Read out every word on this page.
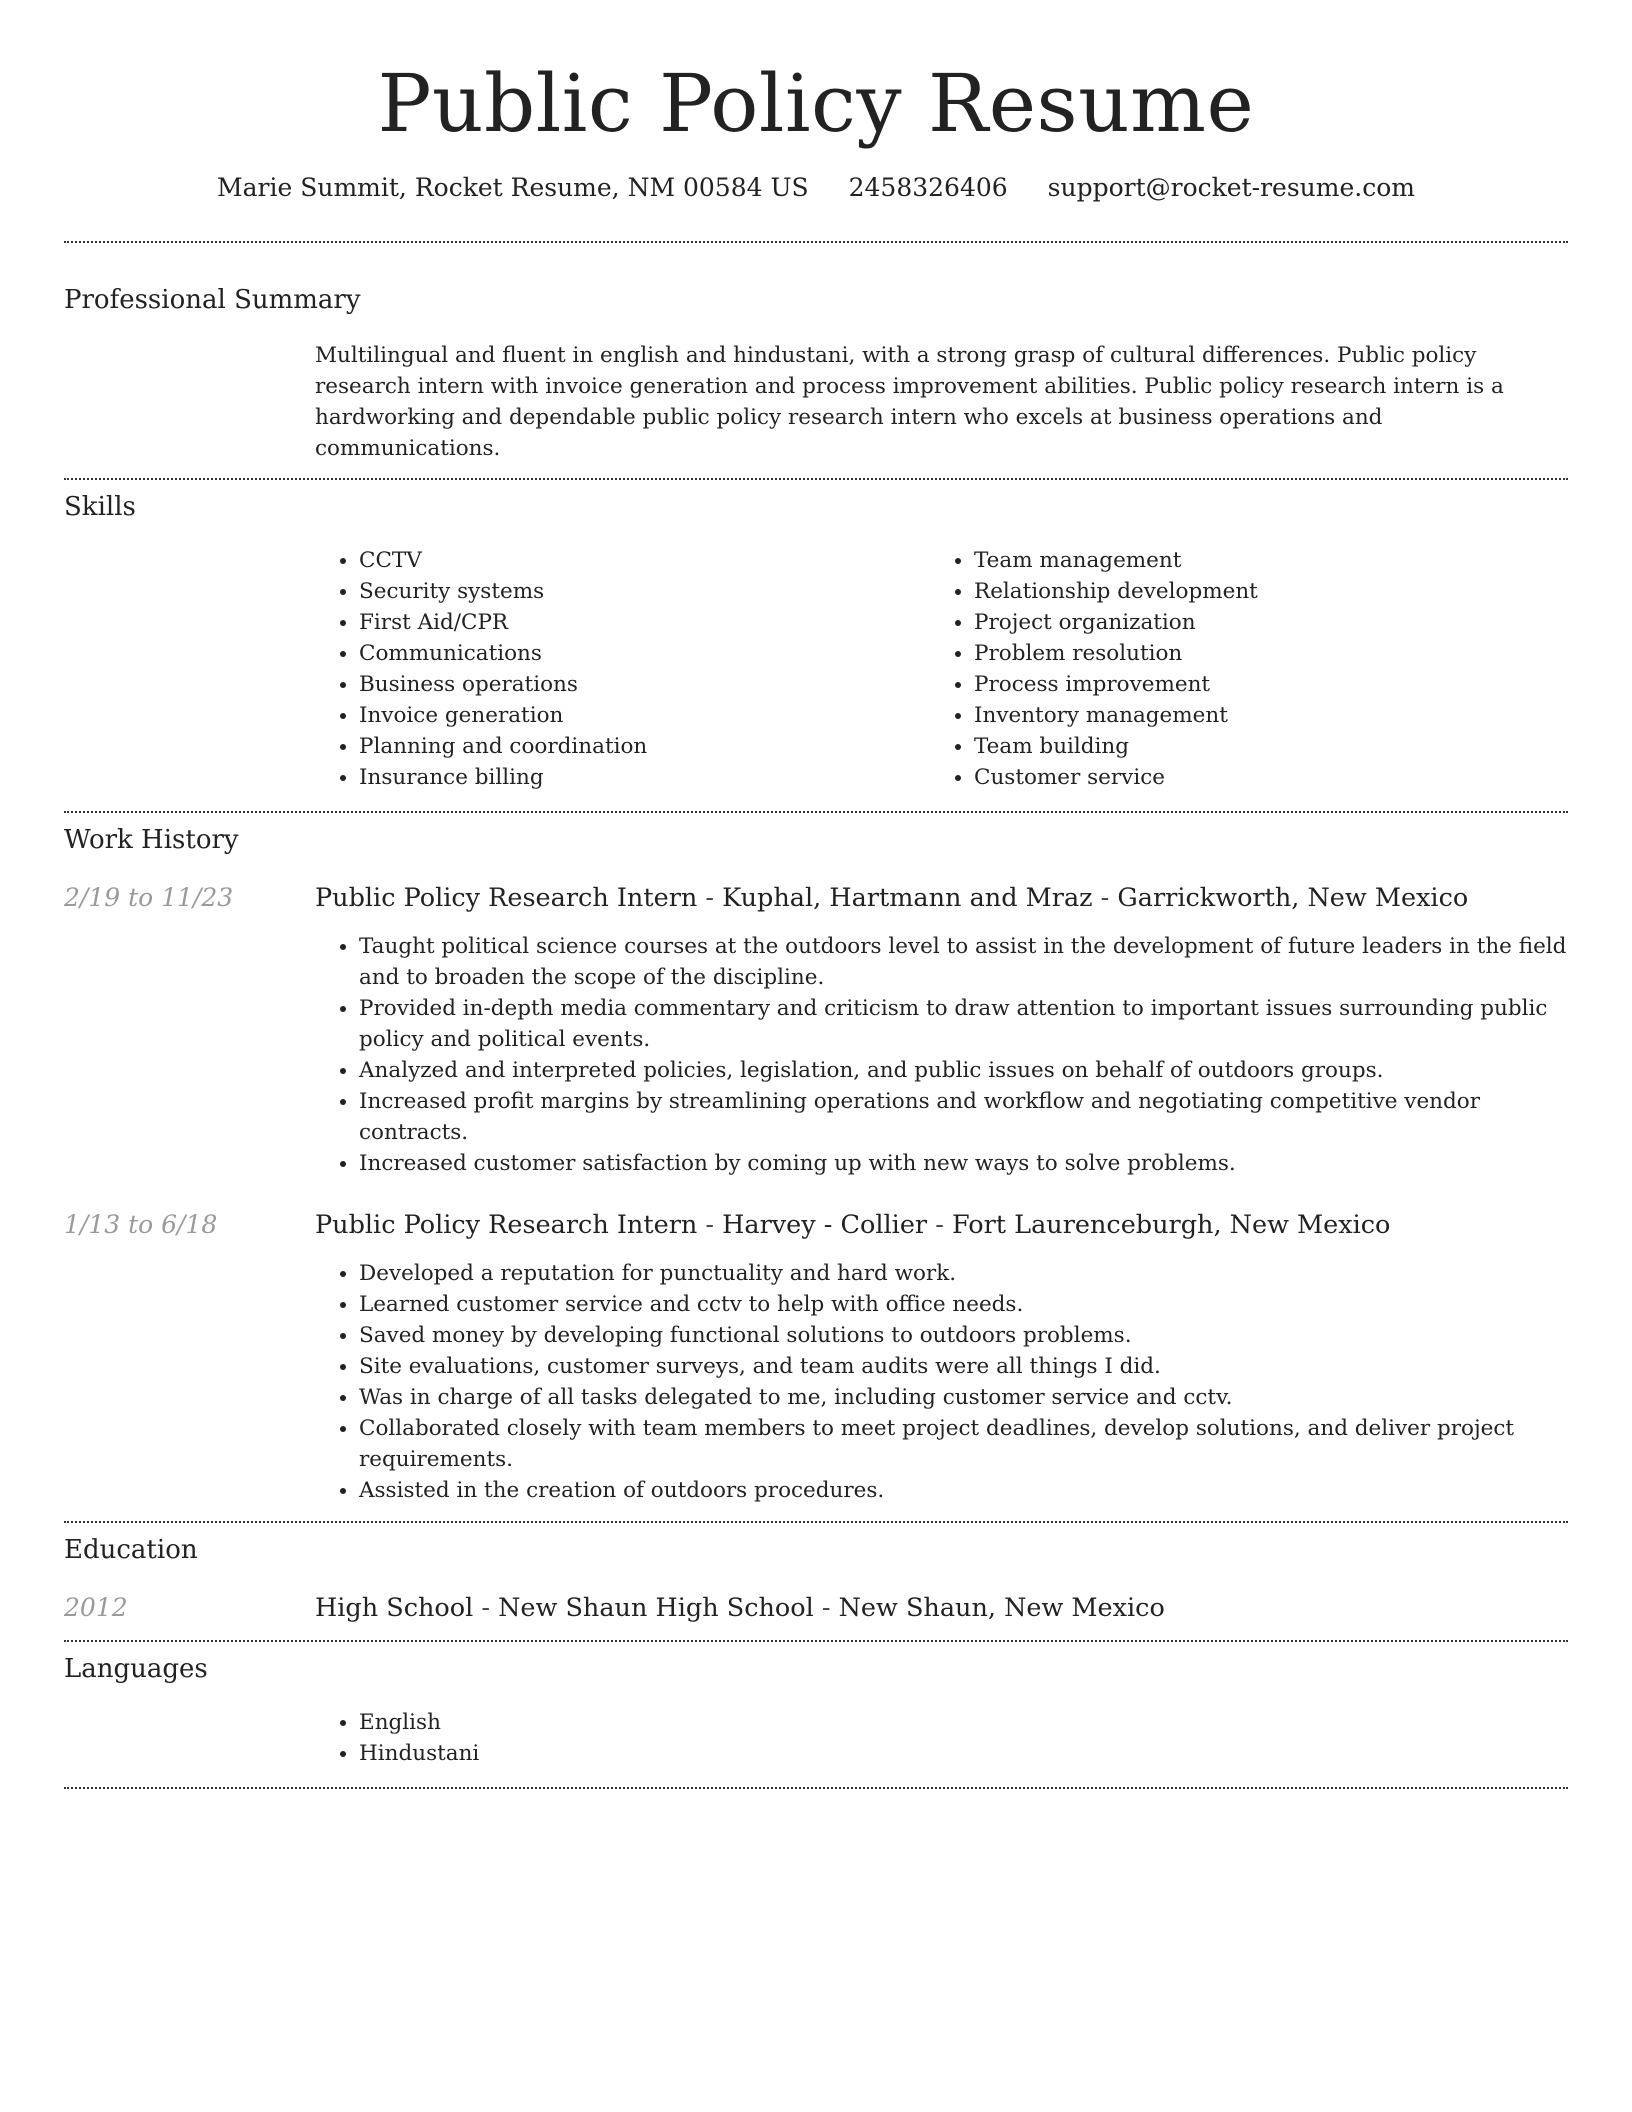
Public Policy Resume
Marie Summit, Rocket Resume, NM 00584 US 2458326406 support@rocket-resume.com
Professional Summary
Multilingual and fluent in english and hindustani, with a strong grasp of cultural differences. Public policy research intern with invoice generation and process improvement abilities. Public policy research intern is a hardworking and dependable public policy research intern who excels at business operations and communications.
Skills
• CCTV
• Security systems
• First Aid/CPR
• Communications
• Business operations
• Invoice generation
• Planning and coordination
• Insurance billing
• Team management
• Relationship development
• Project organization
• Problem resolution
• Process improvement
• Inventory management
• Team building
• Customer service
Work History
2/19 to 11/23	Public Policy Research Intern - Kuphal, Hartmann and Mraz - Garrickworth, New Mexico
• Taught political science courses at the outdoors level to assist in the development of future leaders in the field and to broaden the scope of the discipline.
• Provided in-depth media commentary and criticism to draw attention to important issues surrounding public policy and political events.
• Analyzed and interpreted policies, legislation, and public issues on behalf of outdoors groups.
• Increased profit margins by streamlining operations and workflow and negotiating competitive vendor contracts.
• Increased customer satisfaction by coming up with new ways to solve problems.
1/13 to 6/18	Public Policy Research Intern - Harvey - Collier - Fort Laurenceburgh, New Mexico
• Developed a reputation for punctuality and hard work.
• Learned customer service and cctv to help with office needs.
• Saved money by developing functional solutions to outdoors problems.
• Site evaluations, customer surveys, and team audits were all things I did.
• Was in charge of all tasks delegated to me, including customer service and cctv.
• Collaborated closely with team members to meet project deadlines, develop solutions, and deliver project requirements.
• Assisted in the creation of outdoors procedures.
Education
2012	High School - New Shaun High School - New Shaun, New Mexico
Languages
• English
• Hindustani
